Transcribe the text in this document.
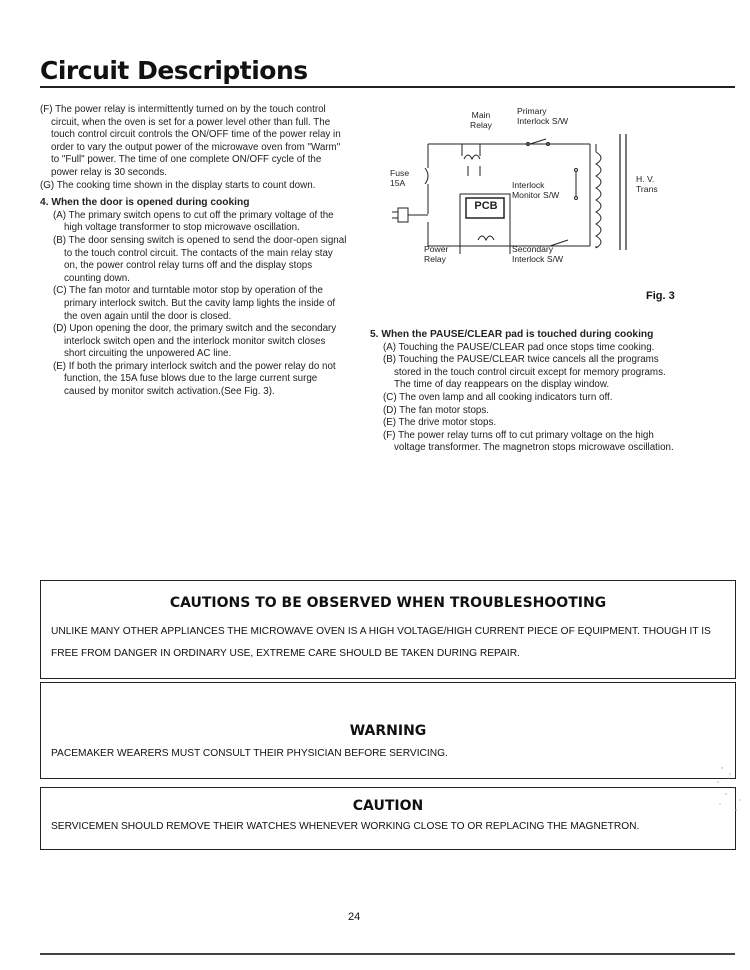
Circuit Descriptions

(F) The power relay is intermittently turned on by the touch control circuit, when the oven is set for a power level other than full. The touch control circuit controls the ON/OFF time of the power relay in order to vary the output power of the microwave oven from "Warm" to "Full" power. The time of one complete ON/OFF cycle of the power relay is 30 seconds.

(G) The cooking time shown in the display starts to count down.

4. When the door is opened during cooking

(A) The primary switch opens to cut off the primary voltage of the high voltage transformer to stop microwave oscillation.

(B) The door sensing switch is opened to send the door-open signal to the touch control circuit. The contacts of the main relay stay on, the power control relay turns off and the display stops counting down.

(C) The fan motor and turntable motor stop by operation of the primary interlock switch. But the cavity lamp lights the inside of the oven again until the door is closed.

(D) Upon opening the door, the primary switch and the secondary interlock switch open and the interlock monitor switch closes short circuiting the unpowered AC line.

(E) If both the primary interlock switch and the power relay do not function, the 15A fuse blows due to the large current surge caused by monitor switch activation.(See Fig. 3).

Main
Relay
Primary
Interlock S/W
Fuse
15A	Interlock
Monitor S/W
PCB
Power
Relay
Secondary
Interlock S/W
H. V.
Trans
Fig. 3

5. When the PAUSE/CLEAR pad is touched during cooking

(A) Touching the PAUSE/CLEAR pad once stops time cooking.

(B) Touching the PAUSE/CLEAR twice cancels all the programs stored in the touch control circuit except for memory programs. The time of day reappears on the display window.

(C) The oven lamp and all cooking indicators turn off.

(D) The fan motor stops.

(E) The drive motor stops.

(F) The power relay turns off to cut primary voltage on the high voltage transformer. The magnetron stops microwave oscillation.

CAUTIONS TO BE OBSERVED WHEN TROUBLESHOOTING
UNLIKE MANY OTHER APPLIANCES THE MICROWAVE OVEN IS A HIGH VOLTAGE/HIGH CURRENT PIECE OF EQUIPMENT. THOUGH IT IS FREE FROM DANGER IN ORDINARY USE, EXTREME CARE SHOULD BE TAKEN DURING REPAIR.
WARNING
PACEMAKER WEARERS MUST CONSULT THEIR PHYSICIAN BEFORE SERVICING.
CAUTION
SERVICEMEN SHOULD REMOVE THEIR WATCHES WHENEVER WORKING CLOSE TO OR REPLACING THE MAGNETRON.
24
